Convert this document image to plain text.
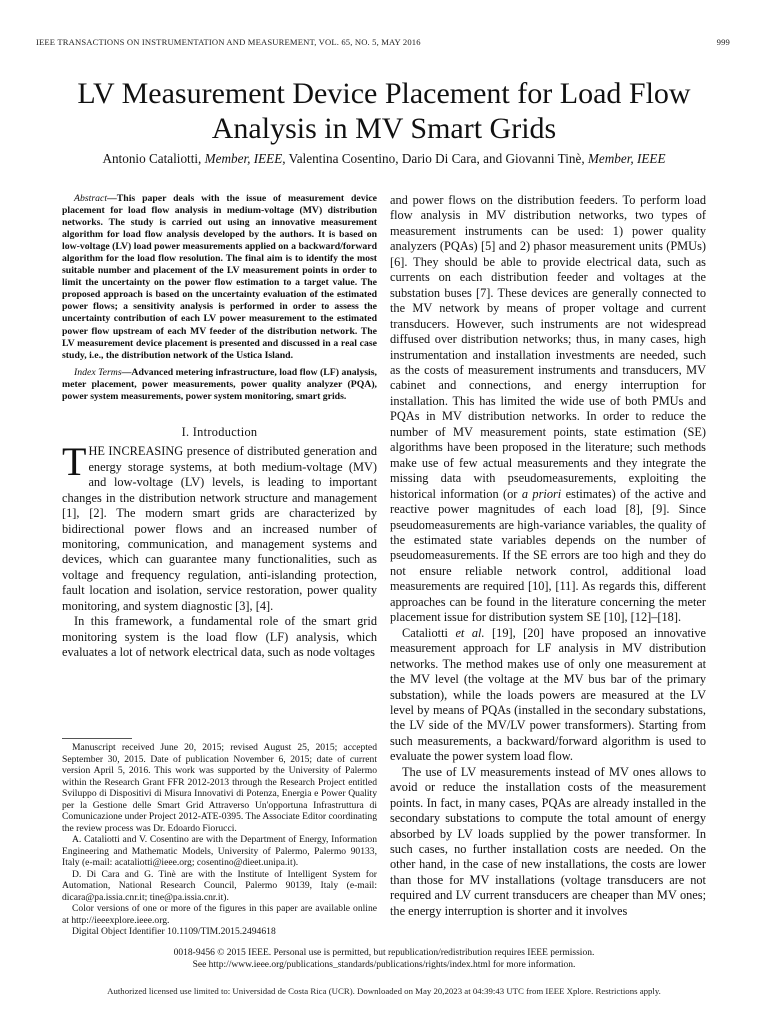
IEEE TRANSACTIONS ON INSTRUMENTATION AND MEASUREMENT, VOL. 65, NO. 5, MAY 2016	999
LV Measurement Device Placement for Load Flow
Analysis in MV Smart Grids
Antonio Cataliotti, Member, IEEE, Valentina Cosentino, Dario Di Cara, and Giovanni Tinè, Member, IEEE

Abstract—This paper deals with the issue of measurement device placement for load flow analysis in medium-voltage (MV) distribution networks. The study is carried out using an innovative measurement algorithm for load flow analysis developed by the authors. It is based on low-voltage (LV) load power measurements applied on a backward/forward algorithm for the load flow resolution. The final aim is to identify the most suitable number and placement of the LV measurement points in order to limit the uncertainty on the power flow estimation to a target value. The proposed approach is based on the uncertainty evaluation of the estimated power flows; a sensitivity analysis is performed in order to assess the uncertainty contribution of each LV power measurement to the estimated power flow upstream of each MV feeder of the distribution network. The LV measurement device placement is presented and discussed in a real case study, i.e., the distribution network of the Ustica Island.

Index Terms—Advanced metering infrastructure, load flow (LF) analysis, meter placement, power measurements, power quality analyzer (PQA), power system measurements, power system monitoring, smart grids.

I. Introduction

THE INCREASING presence of distributed generation and energy storage systems, at both medium-voltage (MV) and low-voltage (LV) levels, is leading to important changes in the distribution network structure and management [1], [2]. The modern smart grids are characterized by bidirectional power flows and an increased number of monitoring, communication, and management systems and devices, which can guarantee many functionalities, such as voltage and frequency regulation, anti-islanding protection, fault location and isolation, service restoration, power quality monitoring, and system diagnostic [3], [4].

In this framework, a fundamental role of the smart grid monitoring system is the load flow (LF) analysis, which evaluates a lot of network electrical data, such as node voltages

Manuscript received June 20, 2015; revised August 25, 2015; accepted September 30, 2015. Date of publication November 6, 2015; date of current version April 5, 2016. This work was supported by the University of Palermo within the Research Grant FFR 2012-2013 through the Research Project entitled Sviluppo di Dispositivi di Misura Innovativi di Potenza, Energia e Power Quality per la Gestione delle Smart Grid Attraverso Un'opportuna Infrastruttura di Comunicazione under Project 2012-ATE-0395. The Associate Editor coordinating the review process was Dr. Edoardo Fiorucci.

A. Cataliotti and V. Cosentino are with the Department of Energy, Information Engineering and Mathematic Models, University of Palermo, Palermo 90133, Italy (e-mail: acataliotti@ieee.org; cosentino@dieet.unipa.it).

D. Di Cara and G. Tinè are with the Institute of Intelligent System for Automation, National Research Council, Palermo 90139, Italy (e-mail: dicara@pa.issia.cnr.it; tine@pa.issia.cnr.it).

Color versions of one or more of the figures in this paper are available online at http://ieeexplore.ieee.org.

Digital Object Identifier 10.1109/TIM.2015.2494618

and power flows on the distribution feeders. To perform load flow analysis in MV distribution networks, two types of measurement instruments can be used: 1) power quality analyzers (PQAs) [5] and 2) phasor measurement units (PMUs) [6]. They should be able to provide electrical data, such as currents on each distribution feeder and voltages at the substation buses [7]. These devices are generally connected to the MV network by means of proper voltage and current transducers. However, such instruments are not widespread diffused over distribution networks; thus, in many cases, high instrumentation and installation investments are needed, such as the costs of measurement instruments and transducers, MV cabinet and connections, and energy interruption for installation. This has limited the wide use of both PMUs and PQAs in MV distribution networks. In order to reduce the number of MV measurement points, state estimation (SE) algorithms have been proposed in the literature; such methods make use of few actual measurements and they integrate the missing data with pseudomeasurements, exploiting the historical information (or a priori estimates) of the active and reactive power magnitudes of each load [8], [9]. Since pseudomeasurements are high-variance variables, the quality of the estimated state variables depends on the number of pseudomeasurements. If the SE errors are too high and they do not ensure reliable network control, additional load measurements are required [10], [11]. As regards this, different approaches can be found in the literature concerning the meter placement issue for distribution system SE [10], [12]–[18].

Cataliotti et al. [19], [20] have proposed an innovative measurement approach for LF analysis in MV distribution networks. The method makes use of only one measurement at the MV level (the voltage at the MV bus bar of the primary substation), while the loads powers are measured at the LV level by means of PQAs (installed in the secondary substations, the LV side of the MV/LV power transformers). Starting from such measurements, a backward/forward algorithm is used to evaluate the power system load flow.

The use of LV measurements instead of MV ones allows to avoid or reduce the installation costs of the measurement points. In fact, in many cases, PQAs are already installed in the secondary substations to compute the total amount of energy absorbed by LV loads supplied by the power transformer. In such cases, no further installation costs are needed. On the other hand, in the case of new installations, the costs are lower than those for MV installations (voltage transducers are not required and LV current transducers are cheaper than MV ones; the energy interruption is shorter and it involves

0018-9456 © 2015 IEEE. Personal use is permitted, but republication/redistribution requires IEEE permission.
See http://www.ieee.org/publications_standards/publications/rights/index.html for more information.
Authorized licensed use limited to: Universidad de Costa Rica (UCR). Downloaded on May 20,2023 at 04:39:43 UTC from IEEE Xplore. Restrictions apply.
